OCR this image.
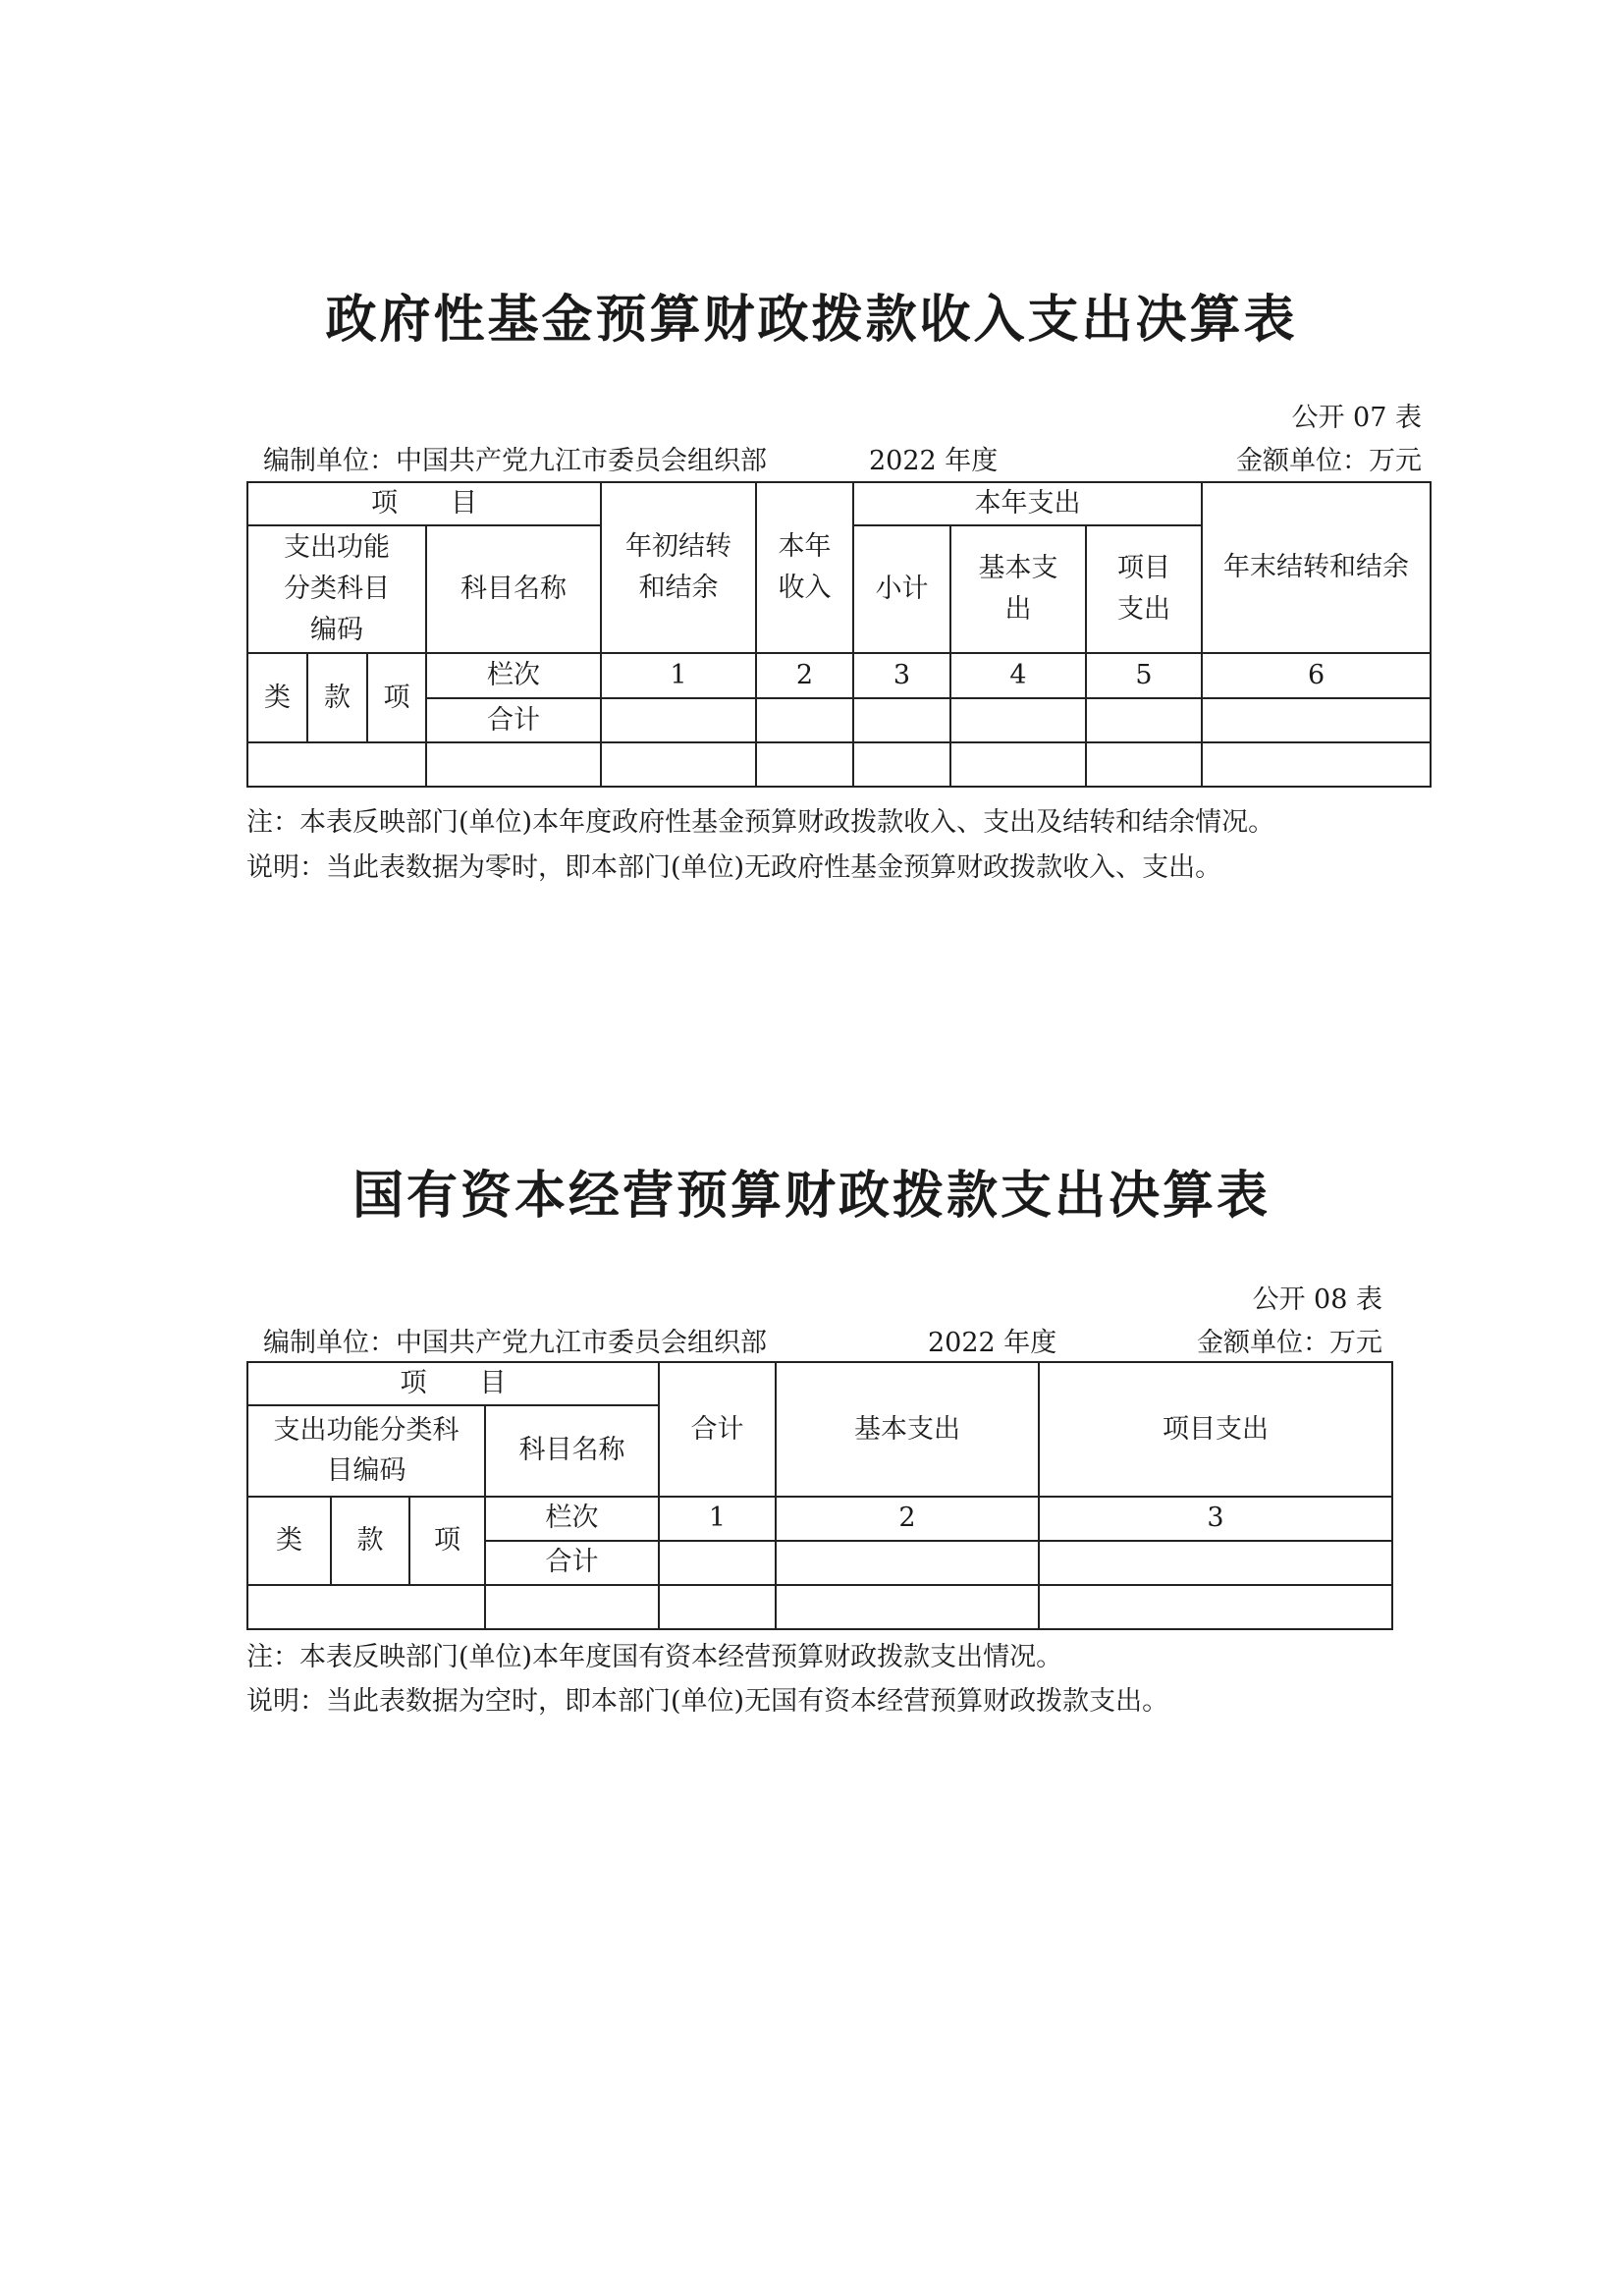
政府性基金预算财政拨款收入支出决算表
公开 07 表
编制单位：中国共产党九江市委员会组织部	2022 年度	金额单位：万元
项　　目				年初结转和结余	本年收入	本年支出			年末结转和结余
支出功能分类科目编码			科目名称			小计	基本支出	项目支出	
类	款	项	栏次	1	2	3	4	5	6
			合计						

注：本表反映部门(单位)本年度政府性基金预算财政拨款收入、支出及结转和结余情况。
说明：当此表数据为零时，即本部门(单位)无政府性基金预算财政拨款收入、支出。
国有资本经营预算财政拨款支出决算表
公开 08 表
编制单位：中国共产党九江市委员会组织部	2022 年度	金额单位：万元
项　　目				合计	基本支出	项目支出
支出功能分类科目编码			科目名称			
类	款	项	栏次	1	2	3
			合计			

注：本表反映部门(单位)本年度国有资本经营预算财政拨款支出情况。
说明：当此表数据为空时，即本部门(单位)无国有资本经营预算财政拨款支出。
